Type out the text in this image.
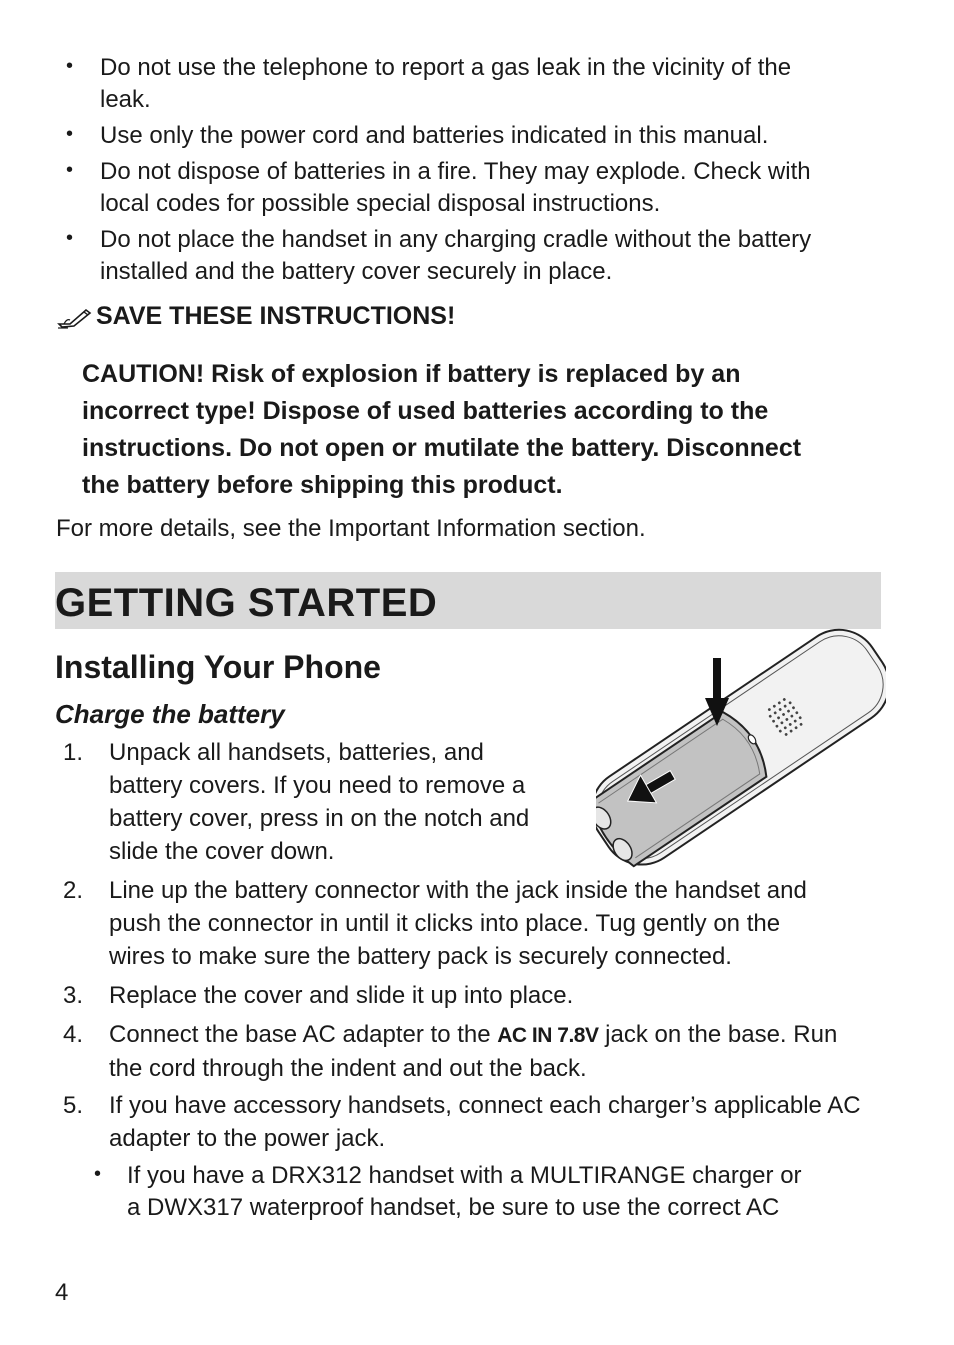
• Do not use the telephone to report a gas leak in the vicinity of the
leak.
• Use only the power cord and batteries indicated in this manual.
• Do not dispose of batteries in a fire. They may explode. Check with
local codes for possible special disposal instructions.
• Do not place the handset in any charging cradle without the battery
installed and the battery cover securely in place.
SAVE THESE INSTRUCTIONS!
CAUTION! Risk of explosion if battery is replaced by an
incorrect type! Dispose of used batteries according to the
instructions. Do not open or mutilate the battery. Disconnect
the battery before shipping this product.
For more details, see the Important Information section.
GETTING STARTED
Installing Your Phone
Charge the battery
1.	Unpack all handsets, batteries, and
battery covers. If you need to remove a
battery cover, press in on the notch and
slide the cover down.
2.	Line up the battery connector with the jack inside the handset and
push the connector in until it clicks into place. Tug gently on the
wires to make sure the battery pack is securely connected.
3.	Replace the cover and slide it up into place.
4.	Connect the base AC adapter to the AC IN 7.8V jack on the base. Run
the cord through the indent and out the back.
5.	If you have accessory handsets, connect each charger’s applicable AC
adapter to the power jack.
• If you have a DRX312 handset with a MULTIRANGE charger or
a DWX317 waterproof handset, be sure to use the correct AC
4
